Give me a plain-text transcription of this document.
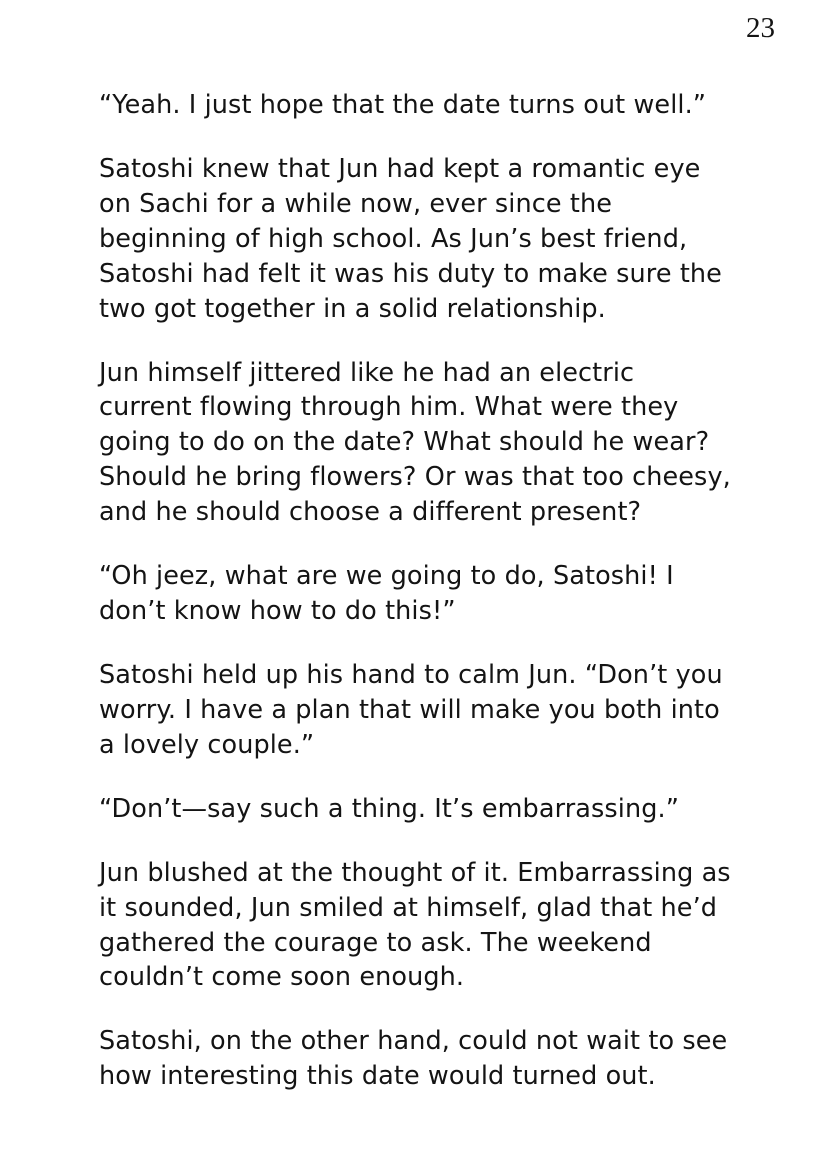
23

“Yeah. I just hope that the date turns out well.”

Satoshi knew that Jun had kept a romantic eye on Sachi for a while now, ever since the beginning of high school. As Jun’s best friend, Satoshi had felt it was his duty to make sure the two got together in a solid relationship.

Jun himself jittered like he had an electric current flowing through him. What were they going to do on the date? What should he wear? Should he bring flowers? Or was that too cheesy, and he should choose a different present?

“Oh jeez, what are we going to do, Satoshi! I don’t know how to do this!”

Satoshi held up his hand to calm Jun. “Don’t you worry. I have a plan that will make you both into a lovely couple.”

“Don’t—say such a thing. It’s embarrassing.”

Jun blushed at the thought of it. Embarrassing as it sounded, Jun smiled at himself, glad that he’d gathered the courage to ask. The weekend couldn’t come soon enough.

Satoshi, on the other hand, could not wait to see how interesting this date would turned out.
